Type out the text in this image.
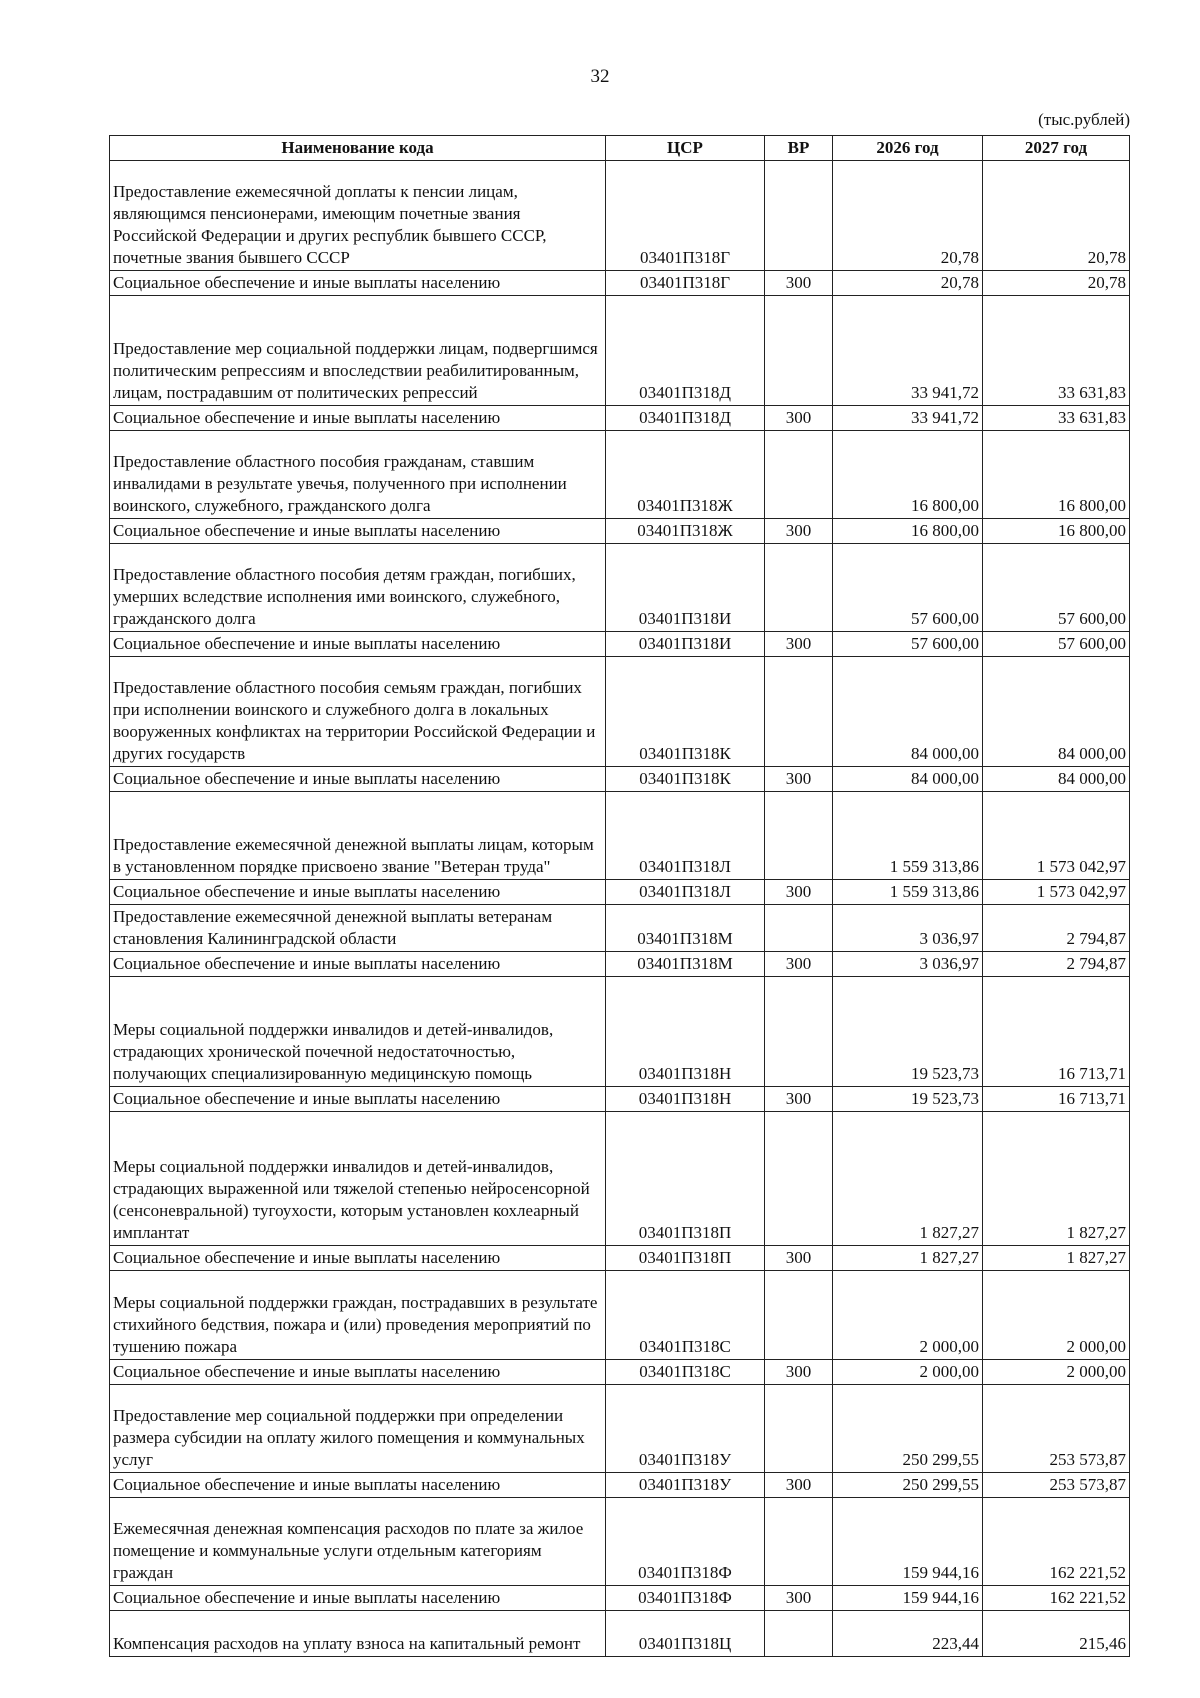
32
(тыс.рублей)
Наименование кода	ЦСР	ВР	2026 год	2027 год
Предоставление ежемесячной доплаты к пенсии лицам, являющимся пенсионерами, имеющим почетные звания Российской Федерации и других республик бывшего СССР, почетные звания бывшего СССР	03401П318Г		20,78	20,78
Социальное обеспечение и иные выплаты населению	03401П318Г	300	20,78	20,78
Предоставление мер социальной поддержки лицам, подвергшимся политическим репрессиям и впоследствии реабилитированным, лицам, пострадавшим от политических репрессий	03401П318Д		33 941,72	33 631,83
Социальное обеспечение и иные выплаты населению	03401П318Д	300	33 941,72	33 631,83
Предоставление областного пособия гражданам, ставшим инвалидами в результате увечья, полученного при исполнении воинского, служебного, гражданского долга	03401П318Ж		16 800,00	16 800,00
Социальное обеспечение и иные выплаты населению	03401П318Ж	300	16 800,00	16 800,00
Предоставление областного пособия детям граждан, погибших, умерших вследствие исполнения ими воинского, служебного, гражданского долга	03401П318И		57 600,00	57 600,00
Социальное обеспечение и иные выплаты населению	03401П318И	300	57 600,00	57 600,00
Предоставление областного пособия семьям граждан, погибших при исполнении воинского и служебного долга в локальных вооруженных конфликтах на территории Российской Федерации и других государств	03401П318К		84 000,00	84 000,00
Социальное обеспечение и иные выплаты населению	03401П318К	300	84 000,00	84 000,00
Предоставление ежемесячной денежной выплаты лицам, которым в установленном порядке присвоено звание "Ветеран труда"	03401П318Л		1 559 313,86	1 573 042,97
Социальное обеспечение и иные выплаты населению	03401П318Л	300	1 559 313,86	1 573 042,97
Предоставление ежемесячной денежной выплаты ветеранам становления Калининградской области	03401П318М		3 036,97	2 794,87
Социальное обеспечение и иные выплаты населению	03401П318М	300	3 036,97	2 794,87
Меры социальной поддержки инвалидов и детей-инвалидов, страдающих хронической почечной недостаточностью, получающих специализированную медицинскую помощь	03401П318Н		19 523,73	16 713,71
Социальное обеспечение и иные выплаты населению	03401П318Н	300	19 523,73	16 713,71
Меры социальной поддержки инвалидов и детей-инвалидов, страдающих выраженной или тяжелой степенью нейросенсорной (сенсоневральной) тугоухости, которым установлен кохлеарный имплантат	03401П318П		1 827,27	1 827,27
Социальное обеспечение и иные выплаты населению	03401П318П	300	1 827,27	1 827,27
Меры социальной поддержки граждан, пострадавших в результате стихийного бедствия, пожара и (или) проведения мероприятий по тушению пожара	03401П318С		2 000,00	2 000,00
Социальное обеспечение и иные выплаты населению	03401П318С	300	2 000,00	2 000,00
Предоставление мер социальной поддержки при определении размера субсидии на оплату жилого помещения и коммунальных услуг	03401П318У		250 299,55	253 573,87
Социальное обеспечение и иные выплаты населению	03401П318У	300	250 299,55	253 573,87
Ежемесячная денежная компенсация расходов по плате за жилое помещение и коммунальные услуги отдельным категориям граждан	03401П318Ф		159 944,16	162 221,52
Социальное обеспечение и иные выплаты населению	03401П318Ф	300	159 944,16	162 221,52
Компенсация расходов на уплату взноса на капитальный ремонт	03401П318Ц		223,44	215,46
